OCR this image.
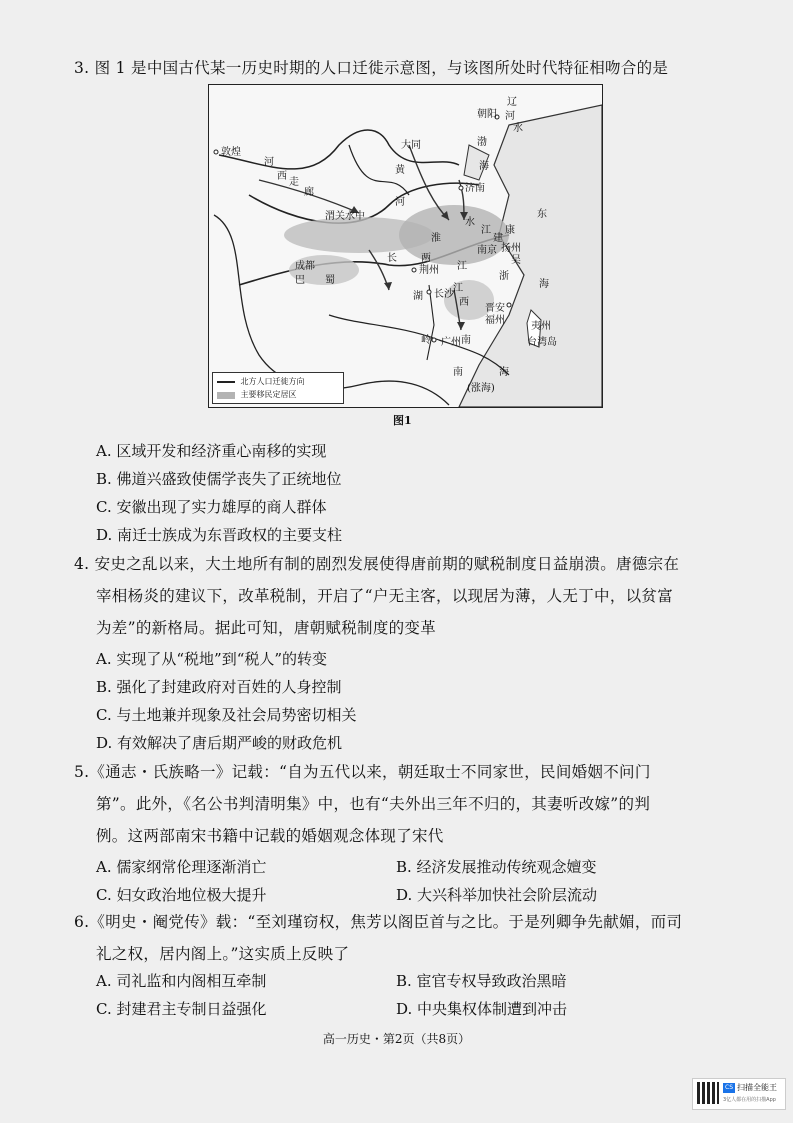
3. 图 1 是中国古代某一历史时期的人口迁徙示意图，与该图所处时代特征相吻合的是
敦煌
河
西
走
廊
大同
黄
河
渤
海
朝阳
辽
河
水
济南
渭关水中
淮
水
江
建
康
南京 扬州
吴
东
成都
巴 蜀
长 两
荆州 江
浙
湖 长沙
江
西
晋安
福州
海
夷州
台湾岛
岭 广州 南
南	海
(涨海)
北方人口迁徙方向
主要移民定居区
图1
A. 区域开发和经济重心南移的实现
B. 佛道兴盛致使儒学丧失了正统地位
C. 安徽出现了实力雄厚的商人群体
D. 南迁士族成为东晋政权的主要支柱
4. 安史之乱以来，大土地所有制的剧烈发展使得唐前期的赋税制度日益崩溃。唐德宗在
宰相杨炎的建议下，改革税制，开启了“户无主客，以现居为薄，人无丁中，以贫富
为差”的新格局。据此可知，唐朝赋税制度的变革
A. 实现了从“税地”到“税人”的转变
B. 强化了封建政府对百姓的人身控制
C. 与土地兼并现象及社会局势密切相关
D. 有效解决了唐后期严峻的财政危机
5.《通志・氏族略一》记载：“自为五代以来，朝廷取士不同家世，民间婚姻不问门
第”。此外，《名公书判清明集》中，也有“夫外出三年不归的，其妻听改嫁”的判
例。这两部南宋书籍中记载的婚姻观念体现了宋代
A. 儒家纲常伦理逐渐消亡	B. 经济发展推动传统观念嬗变
C. 妇女政治地位极大提升	D. 大兴科举加快社会阶层流动
6.《明史・阉党传》载：“至刘瑾窃权，焦芳以阁臣首与之比。于是列卿争先献媚，而司
礼之权，居内阁上。”这实质上反映了
A. 司礼监和内阁相互牵制	B. 宦官专权导致政治黑暗
C. 封建君主专制日益强化	D. 中央集权体制遭到冲击
高一历史・第2页（共8页）
CS 扫描全能王
3亿人都在用的扫描App
